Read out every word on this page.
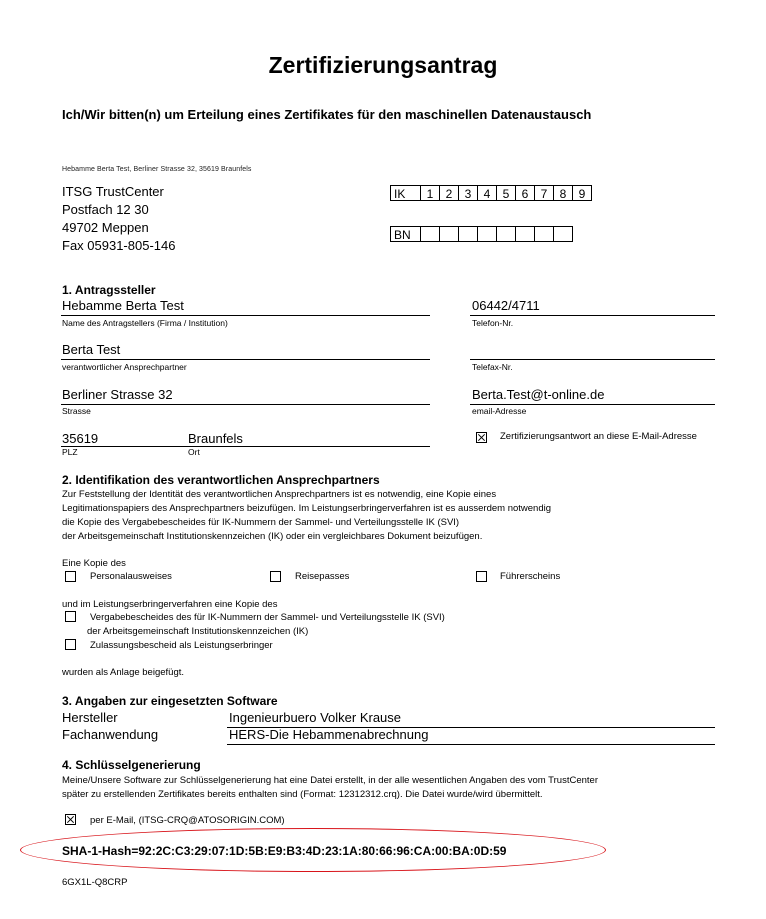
Zertifizierungsantrag
Ich/Wir bitten(n) um Erteilung eines Zertifikates für den maschinellen Datenaustausch
Hebamme Berta Test, Berliner Strasse 32, 35619 Braunfels
ITSG TrustCenter
Postfach 12 30
49702 Meppen
Fax 05931-805-146
IK	1	2	3	4	5	6	7	8	9
BN
1. Antragssteller
Hebamme Berta Test
Name des Antragstellers (Firma / Institution)
06442/4711
Telefon-Nr.
Berta Test
verantwortlicher Ansprechpartner	Telefax-Nr.
Berliner Strasse 32
Strasse
Berta.Test@t-online.de
email-Adresse
35619	Braunfels
PLZ	Ort
Zertifizierungsantwort an diese E-Mail-Adresse
2. Identifikation des verantwortlichen Ansprechpartners
Zur Feststellung der Identität des verantwortlichen Ansprechpartners ist es notwendig, eine Kopie eines
Legitimationspapiers des Ansprechpartners beizufügen. Im Leistungserbringerverfahren ist es ausserdem notwendig
die Kopie des Vergabebescheides für IK-Nummern der Sammel- und Verteilungsstelle IK (SVI)
der Arbeitsgemeinschaft Institutionskennzeichen (IK) oder ein vergleichbares Dokument beizufügen.
Eine Kopie des
Personalausweises	Reisepasses	Führerscheins
und im Leistungserbringerverfahren eine Kopie des
Vergabebescheides des für IK-Nummern der Sammel- und Verteilungsstelle IK (SVI)
der Arbeitsgemeinschaft Institutionskennzeichen (IK)
Zulassungsbescheid als Leistungserbringer
wurden als Anlage beigefügt.
3. Angaben zur eingesetzten Software
Hersteller	Ingenieurbuero Volker Krause
Fachanwendung	HERS-Die Hebammenabrechnung
4. Schlüsselgenerierung
Meine/Unsere Software zur Schlüsselgenerierung hat eine Datei erstellt, in der alle wesentlichen Angaben des vom TrustCenter
später zu erstellenden Zertifikates bereits enthalten sind (Format: 12312312.crq). Die Datei wurde/wird übermittelt.
per E-Mail, (ITSG-CRQ@ATOSORIGIN.COM)
SHA-1-Hash=92:2C:C3:29:07:1D:5B:E9:B3:4D:23:1A:80:66:96:CA:00:BA:0D:59
6GX1L-Q8CRP
